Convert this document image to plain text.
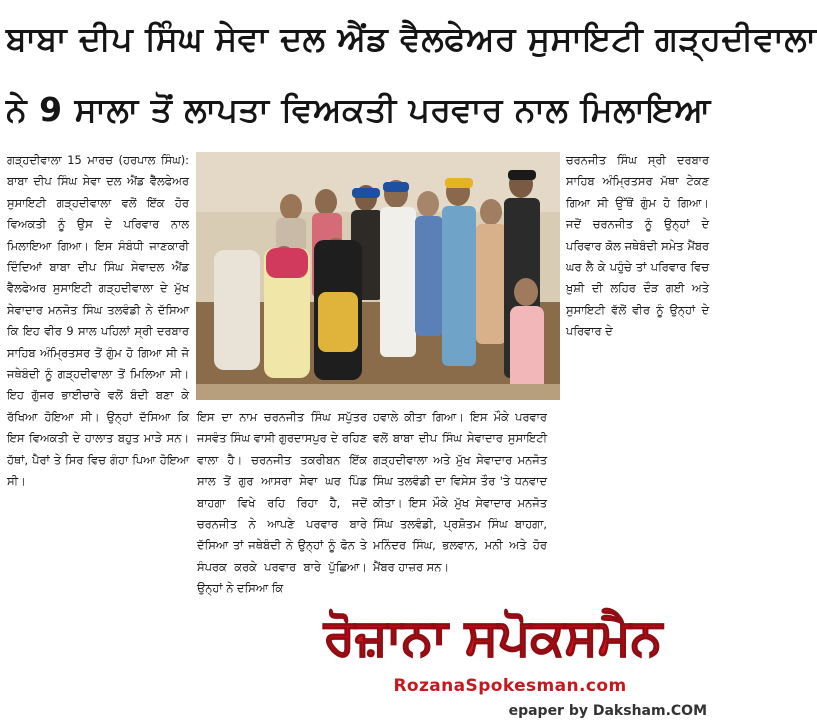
ਬਾਬਾ ਦੀਪ ਸਿੰਘ ਸੇਵਾ ਦਲ ਐਂਡ ਵੈਲਫੇਅਰ ਸੁਸਾਇਟੀ ਗੜ੍ਹਦੀਵਾਲਾ
ਨੇ 9 ਸਾਲਾ ਤੋਂ ਲਾਪਤਾ ਵਿਅਕਤੀ ਪਰਵਾਰ ਨਾਲ ਮਿਲਾਇਆ

ਗੜ੍ਹਦੀਵਾਲਾ 15 ਮਾਰਚ (ਹਰਪਾਲ ਸਿੰਘ): ਬਾਬਾ ਦੀਪ ਸਿੰਘ ਸੇਵਾ ਦਲ ਐਂਡ ਵੈੱਲਫੇਅਰ ਸੁਸਾਇਟੀ ਗੜ੍ਹਦੀਵਾਲਾ ਵਲੋਂ ਇੱਕ ਹੋਰ ਵਿਅਕਤੀ ਨੂੰ ਉਸ ਦੇ ਪਰਿਵਾਰ ਨਾਲ ਮਿਲਾਇਆ ਗਿਆ। ਇਸ ਸੰਬੰਧੀ ਜਾਣਕਾਰੀ ਦਿੰਦਿਆਂ ਬਾਬਾ ਦੀਪ ਸਿੰਘ ਸੇਵਾਦਲ ਐਂਡ ਵੈਲਫੇਅਰ ਸੁਸਾਇਟੀ ਗੜ੍ਹਦੀਵਾਲਾ ਦੇ ਮੁੱਖ ਸੇਵਾਦਾਰ ਮਨਜੋਤ ਸਿੰਘ ਤਲਵੰਡੀ ਨੇ ਦੱਸਿਆ ਕਿ ਇਹ ਵੀਰ 9 ਸਾਲ ਪਹਿਲਾਂ ਸ੍ਰੀ ਦਰਬਾਰ ਸਾਹਿਬ ਅੰਮ੍ਰਿਤਸਰ ਤੋਂ ਗੁੰਮ ਹੋ ਗਿਆ ਸੀ ਜੋ ਜਥੇਬੰਦੀ ਨੂੰ ਗੜ੍ਹਦੀਵਾਲਾ ਤੋਂ ਮਿਲਿਆ ਸੀ। ਇਹ ਗੁੱਜਰ ਭਾਈਚਾਰੇ ਵਲੋਂ ਬੰਦੀ ਬਣਾ ਕੇ ਰੱਖਿਆ ਹੋਇਆ ਸੀ। ਉਨ੍ਹਾਂ ਦੱਸਿਆ ਕਿ ਇਸ ਵਿਅਕਤੀ ਦੇ ਹਾਲਾਤ ਬਹੁਤ ਮਾੜੇ ਸਨ। ਹੱਥਾਂ, ਪੈਰਾਂ ਤੇ ਸਿਰ ਵਿਚ ਗੰਹਾ ਪਿਆ ਹੋਇਆ ਸੀ।

ਚਰਨਜੀਤ ਸਿੰਘ ਸ੍ਰੀ ਦਰਬਾਰ ਸਾਹਿਬ ਅੰਮ੍ਰਿਤਸਰ ਮੱਥਾ ਟੇਕਣ ਗਿਆ ਸੀ ਉੱਥੋਂ ਗੁੰਮ ਹੋ ਗਿਆ। ਜਦੋਂ ਚਰਨਜੀਤ ਨੂੰ ਉਨ੍ਹਾਂ ਦੇ ਪਰਿਵਾਰ ਕੋਲ ਜਥੇਬੰਦੀ ਸਮੇਤ ਮੈਂਬਰ ਘਰ ਲੈ ਕੇ ਪਹੁੰਚੇ ਤਾਂ ਪਰਿਵਾਰ ਵਿਚ ਖ਼ੁਸ਼ੀ ਦੀ ਲਹਿਰ ਦੌੜ ਗਈ ਅਤੇ ਸੁਸਾਇਟੀ ਵੱਲੋਂ ਵੀਰ ਨੂੰ ਉਨ੍ਹਾਂ ਦੇ ਪਰਿਵਾਰ ਦੇ

ਇਸ ਦਾ ਨਾਮ ਚਰਨਜੀਤ ਸਿੰਘ ਸਪੁੱਤਰ ਜਸਵੰਤ ਸਿੰਘ ਵਾਸੀ ਗੁਰਦਾਸਪੁਰ ਦੇ ਰਹਿਣ ਵਾਲਾ ਹੈ। ਚਰਨਜੀਤ ਤਕਰੀਬਨ ਇੱਕ ਸਾਲ ਤੋਂ ਗੁਰ ਆਸਰਾ ਸੇਵਾ ਘਰ ਪਿੰਡ ਬਾਹਗਾ ਵਿਖੇ ਰਹਿ ਰਿਹਾ ਹੈ, ਜਦੋਂ ਚਰਨਜੀਤ ਨੇ ਆਪਣੇ ਪਰਵਾਰ ਬਾਰੇ ਦੱਸਿਆ ਤਾਂ ਜਥੇਬੰਦੀ ਨੇ ਉਨ੍ਹਾਂ ਨੂੰ ਫੋਨ ਤੇ ਸੰਪਰਕ ਕਰਕੇ ਪਰਵਾਰ ਬਾਰੇ ਪੁੱਛਿਆ। ਉਨ੍ਹਾਂ ਨੇ ਦਸਿਆ ਕਿ

ਹਵਾਲੇ ਕੀਤਾ ਗਿਆ। ਇਸ ਮੌਕੇ ਪਰਵਾਰ ਵਲੋਂ ਬਾਬਾ ਦੀਪ ਸਿੰਘ ਸੇਵਾਦਾਰ ਸੁਸਾਇਟੀ ਗੜ੍ਹਦੀਵਾਲਾ ਅਤੇ ਮੁੱਖ ਸੇਵਾਦਾਰ ਮਨਜੋਤ ਸਿੰਘ ਤਲਵੰਡੀ ਦਾ ਵਿਸੇਸ ਤੌਰ 'ਤੇ ਧਨਵਾਦ ਕੀਤਾ। ਇਸ ਮੌਕੇ ਮੁੱਖ ਸੇਵਾਦਾਰ ਮਨਜੋਤ ਸਿੰਘ ਤਲਵੰਡੀ, ਪ੍ਰਸ਼ੋਤਮ ਸਿੰਘ ਬਾਹਗਾ, ਮਨਿੰਦਰ ਸਿੰਘ, ਭਲਵਾਨ, ਮਨੀ ਅਤੇ ਹੋਰ ਮੈਂਬਰ ਹਾਜ਼ਰ ਸਨ।

ਰੋਜ਼ਾਨਾ ਸਪੋਕਸਮੈਨ
RozanaSpokesman.com
epaper by Daksham.COM
